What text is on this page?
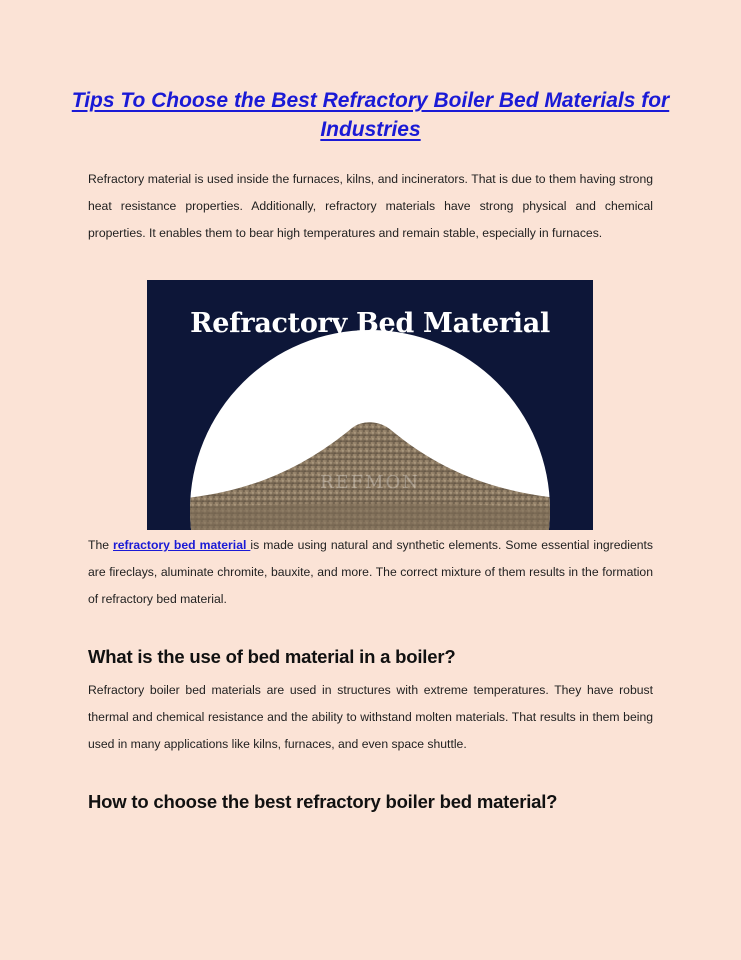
Tips To Choose the Best Refractory Boiler Bed Materials for Industries

Refractory material is used inside the furnaces, kilns, and incinerators. That is due to them having strong heat resistance properties. Additionally, refractory materials have strong physical and chemical properties. It enables them to bear high temperatures and remain stable, especially in furnaces.

Refractory Bed Material

REFMON

The refractory bed material is made using natural and synthetic elements. Some essential ingredients are fireclays, aluminate chromite, bauxite, and more. The correct mixture of them results in the formation of refractory bed material.

What is the use of bed material in a boiler?

Refractory boiler bed materials are used in structures with extreme temperatures. They have robust thermal and chemical resistance and the ability to withstand molten materials. That results in them being used in many applications like kilns, furnaces, and even space shuttle.

How to choose the best refractory boiler bed material?
